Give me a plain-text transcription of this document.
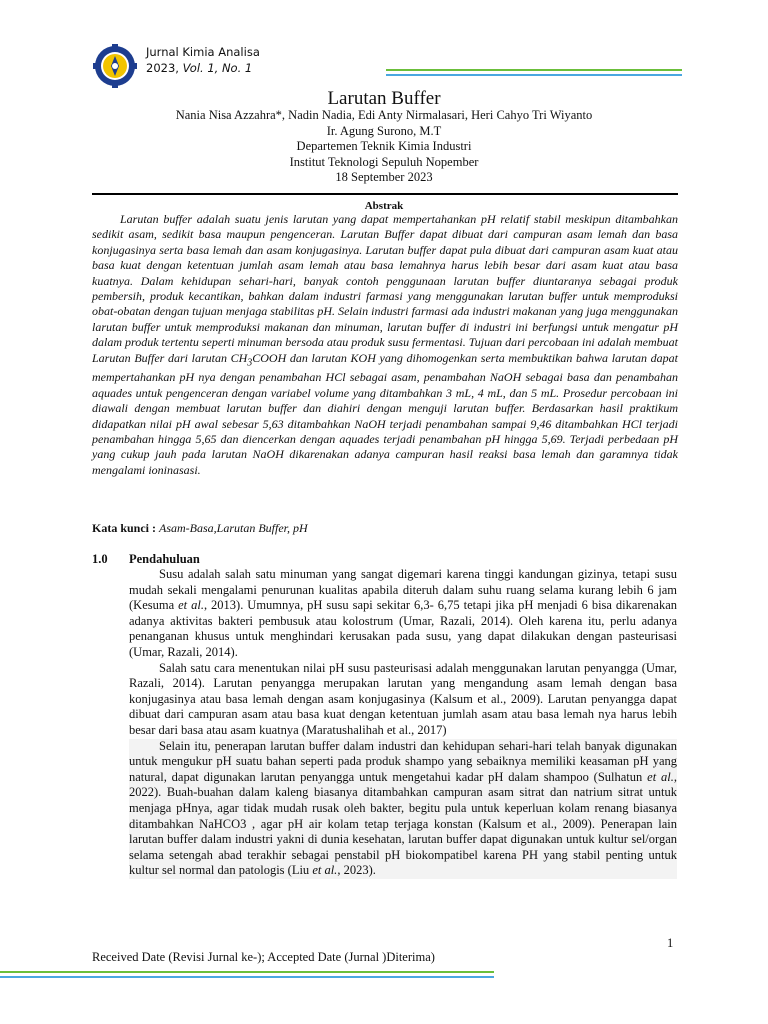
Jurnal Kimia Analisa
2023, Vol. 1, No. 1
Larutan Buffer
Nania Nisa Azzahra*, Nadin Nadia, Edi Anty Nirmalasari, Heri Cahyo Tri Wiyanto
Ir. Agung Surono, M.T
Departemen Teknik Kimia Industri
Institut Teknologi Sepuluh Nopember
18 September 2023
Abstrak

Larutan buffer adalah suatu jenis larutan yang dapat mempertahankan pH relatif stabil meskipun ditambahkan sedikit asam, sedikit basa maupun pengenceran. Larutan Buffer dapat dibuat dari campuran asam lemah dan basa konjugasinya serta basa lemah dan asam konjugasinya. Larutan buffer dapat pula dibuat dari campuran asam kuat atau basa kuat dengan ketentuan jumlah asam lemah atau basa lemahnya harus lebih besar dari asam kuat atau basa kuatnya. Dalam kehidupan sehari-hari, banyak contoh penggunaan larutan buffer diuntaranya sebagai produk pembersih, produk kecantikan, bahkan dalam industri farmasi yang menggunakan larutan buffer untuk memproduksi obat-obatan dengan tujuan menjaga stabilitas pH. Selain industri farmasi ada industri makanan yang juga menggunakan larutan buffer untuk memproduksi makanan dan minuman, larutan buffer di industri ini berfungsi untuk mengatur pH dalam produk tertentu seperti minuman bersoda atau produk susu fermentasi. Tujuan dari percobaan ini adalah membuat Larutan Buffer dari larutan $CH_3COOH$ dan larutan KOH yang dihomogenkan serta membuktikan bahwa larutan dapat mempertahankan pH nya dengan penambahan HCl sebagai asam, penambahan NaOH sebagai basa dan penambahan aquades untuk pengenceran dengan variabel volume yang ditambahkan 3 mL, 4 mL, dan 5 mL. Prosedur percobaan ini diawali dengan membuat larutan buffer dan diahiri dengan menguji larutan buffer. Berdasarkan hasil praktikum didapatkan nilai pH awal sebesar 5,63 ditambahkan NaOH terjadi penambahan sampai 9,46 ditambahkan HCl terjadi penambahan hingga 5,65 dan diencerkan dengan aquades terjadi penambahan pH hingga 5,69. Terjadi perbedaan pH yang cukup jauh pada larutan NaOH dikarenakan adanya campuran hasil reaksi basa lemah dan garamnya tidak mengalami ioninasasi.

Kata kunci : Asam-Basa,Larutan Buffer, pH
1.0 Pendahuluan

Susu adalah salah satu minuman yang sangat digemari karena tinggi kandungan gizinya, tetapi susu mudah sekali mengalami penurunan kualitas apabila diteruh dalam suhu ruang selama kurang lebih 6 jam (Kesuma et al., 2013). Umumnya, pH susu sapi sekitar 6,3- 6,75 tetapi jika pH menjadi 6 bisa dikarenakan adanya aktivitas bakteri pembusuk atau kolostrum (Umar, Razali, 2014). Oleh karena itu, perlu adanya penanganan khusus untuk menghindari kerusakan pada susu, yang dapat dilakukan dengan pasteurisasi (Umar, Razali, 2014).

Salah satu cara menentukan nilai pH susu pasteurisasi adalah menggunakan larutan penyangga (Umar, Razali, 2014). Larutan penyangga merupakan larutan yang mengandung asam lemah dengan basa konjugasinya atau basa lemah dengan asam konjugasinya (Kalsum et al., 2009). Larutan penyangga dapat dibuat dari campuran asam atau basa kuat dengan ketentuan jumlah asam atau basa lemah nya harus lebih besar dari basa atau asam kuatnya (Maratushalihah et al., 2017)

Selain itu, penerapan larutan buffer dalam industri dan kehidupan sehari-hari telah banyak digunakan untuk mengukur pH suatu bahan seperti pada produk shampo yang sebaiknya memiliki keasaman pH yang natural, dapat digunakan larutan penyangga untuk mengetahui kadar pH dalam shampoo (Sulhatun et al., 2022). Buah-buahan dalam kaleng biasanya ditambahkan campuran asam sitrat dan natrium sitrat untuk menjaga pHnya, agar tidak mudah rusak oleh bakter, begitu pula untuk keperluan kolam renang biasanya ditambahkan NaHCO3 , agar pH air kolam tetap terjaga konstan (Kalsum et al., 2009). Penerapan lain larutan buffer dalam industri yakni di dunia kesehatan, larutan buffer dapat digunakan untuk kultur sel/organ selama setengah abad terakhir sebagai penstabil pH biokompatibel karena PH yang stabil penting untuk kultur sel normal dan patologis (Liu et al., 2023).

1
Received Date (Revisi Jurnal ke-); Accepted Date (Jurnal )Diterima)
